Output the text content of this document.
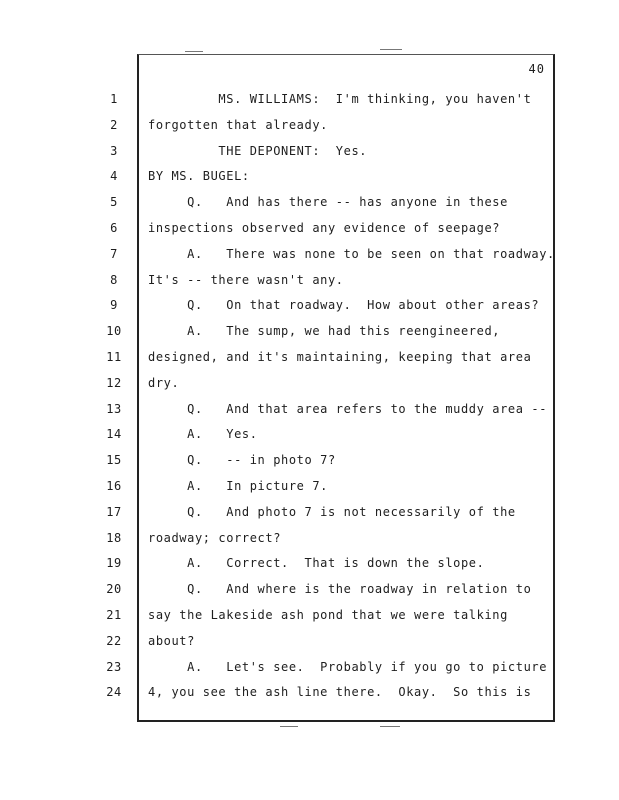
40
1	MS. WILLIAMS:  I'm thinking, you haven't
2	forgotten that already.
3	THE DEPONENT:  Yes.
4	BY MS. BUGEL:
5	Q.   And has there -- has anyone in these
6	inspections observed any evidence of seepage?
7	A.   There was none to be seen on that roadway.
8	It's -- there wasn't any.
9	Q.   On that roadway.  How about other areas?
10	A.   The sump, we had this reengineered,
11	designed, and it's maintaining, keeping that area
12	dry.
13	Q.   And that area refers to the muddy area --
14	A.   Yes.
15	Q.   -- in photo 7?
16	A.   In picture 7.
17	Q.   And photo 7 is not necessarily of the
18	roadway; correct?
19	A.   Correct.  That is down the slope.
20	Q.   And where is the roadway in relation to
21	say the Lakeside ash pond that we were talking
22	about?
23	A.   Let's see.  Probably if you go to picture
24	4, you see the ash line there.  Okay.  So this is
